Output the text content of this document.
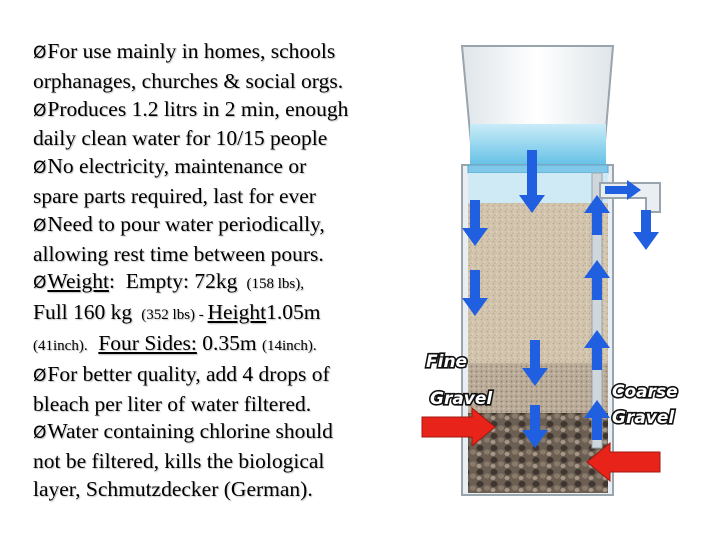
ØFor use mainly in homes, schools
orphanages, churches & social orgs.
ØProduces 1.2 litrs in 2 min, enough
daily clean water for 10/15 people
ØNo electricity, maintenance or
spare parts required, last for ever
ØNeed to pour water periodically,
allowing rest time between pours.
ØWeight:  Empty: 72kg  (158 lbs),
Full 160 kg  (352 lbs) - Height1.05m
(41inch). Four Sides: 0.35m (14inch).
ØFor better quality, add 4 drops of
bleach per liter of water filtered.
ØWater containing chlorine should
not be filtered, kills the biological
layer, Schmutzdecker (German).
Fine
Gravel	Coarse
Gravel
